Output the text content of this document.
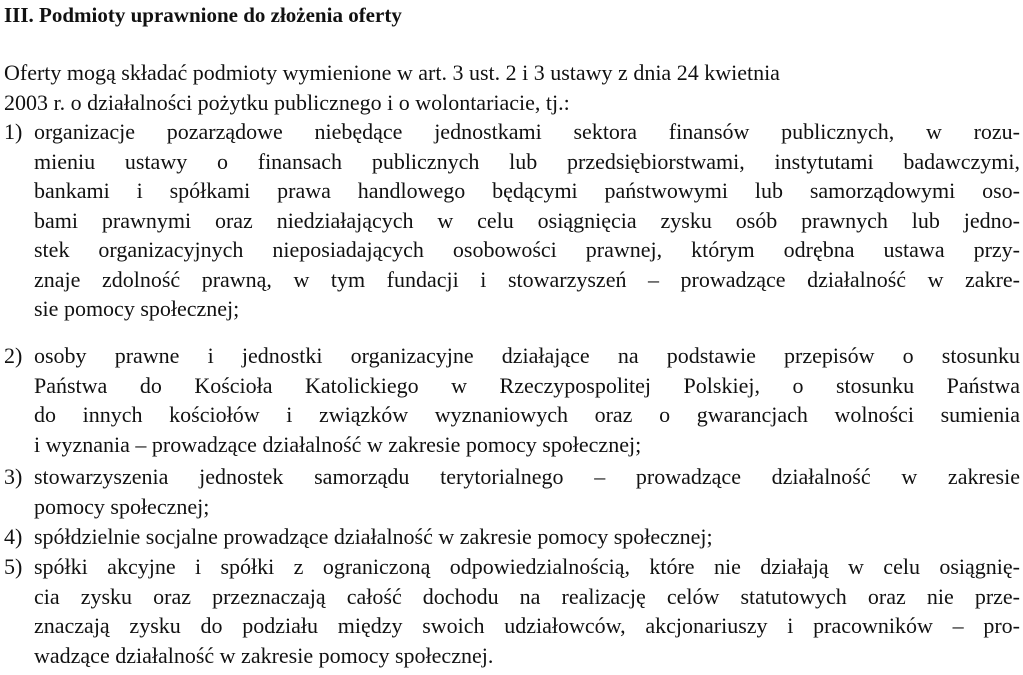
III. Podmioty uprawnione do złożenia oferty
Oferty mogą składać podmioty wymienione w art. 3 ust. 2 i 3 ustawy z dnia 24 kwietnia
2003 r. o działalności pożytku publicznego i o wolontariacie, tj.:
1) organizacje pozarządowe niebędące jednostkami sektora finansów publicznych, w rozu-
mieniu ustawy o finansach publicznych lub przedsiębiorstwami, instytutami badawczymi,
bankami i spółkami prawa handlowego będącymi państwowymi lub samorządowymi oso-
bami prawnymi oraz niedziałających w celu osiągnięcia zysku osób prawnych lub jedno-
stek organizacyjnych nieposiadających osobowości prawnej, którym odrębna ustawa przy-
znaje zdolność prawną, w tym fundacji i stowarzyszeń – prowadzące działalność w zakre-
sie pomocy społecznej;
2) osoby prawne i jednostki organizacyjne działające na podstawie przepisów o stosunku
Państwa do Kościoła Katolickiego w Rzeczypospolitej Polskiej, o stosunku Państwa
do innych kościołów i związków wyznaniowych oraz o gwarancjach wolności sumienia
i wyznania – prowadzące działalność w zakresie pomocy społecznej;
3) stowarzyszenia jednostek samorządu terytorialnego – prowadzące działalność w zakresie
pomocy społecznej;
4) spółdzielnie socjalne prowadzące działalność w zakresie pomocy społecznej;
5) spółki akcyjne i spółki z ograniczoną odpowiedzialnością, które nie działają w celu osiągnię-
cia zysku oraz przeznaczają całość dochodu na realizację celów statutowych oraz nie prze-
znaczają zysku do podziału między swoich udziałowców, akcjonariuszy i pracowników – pro-
wadzące działalność w zakresie pomocy społecznej.
